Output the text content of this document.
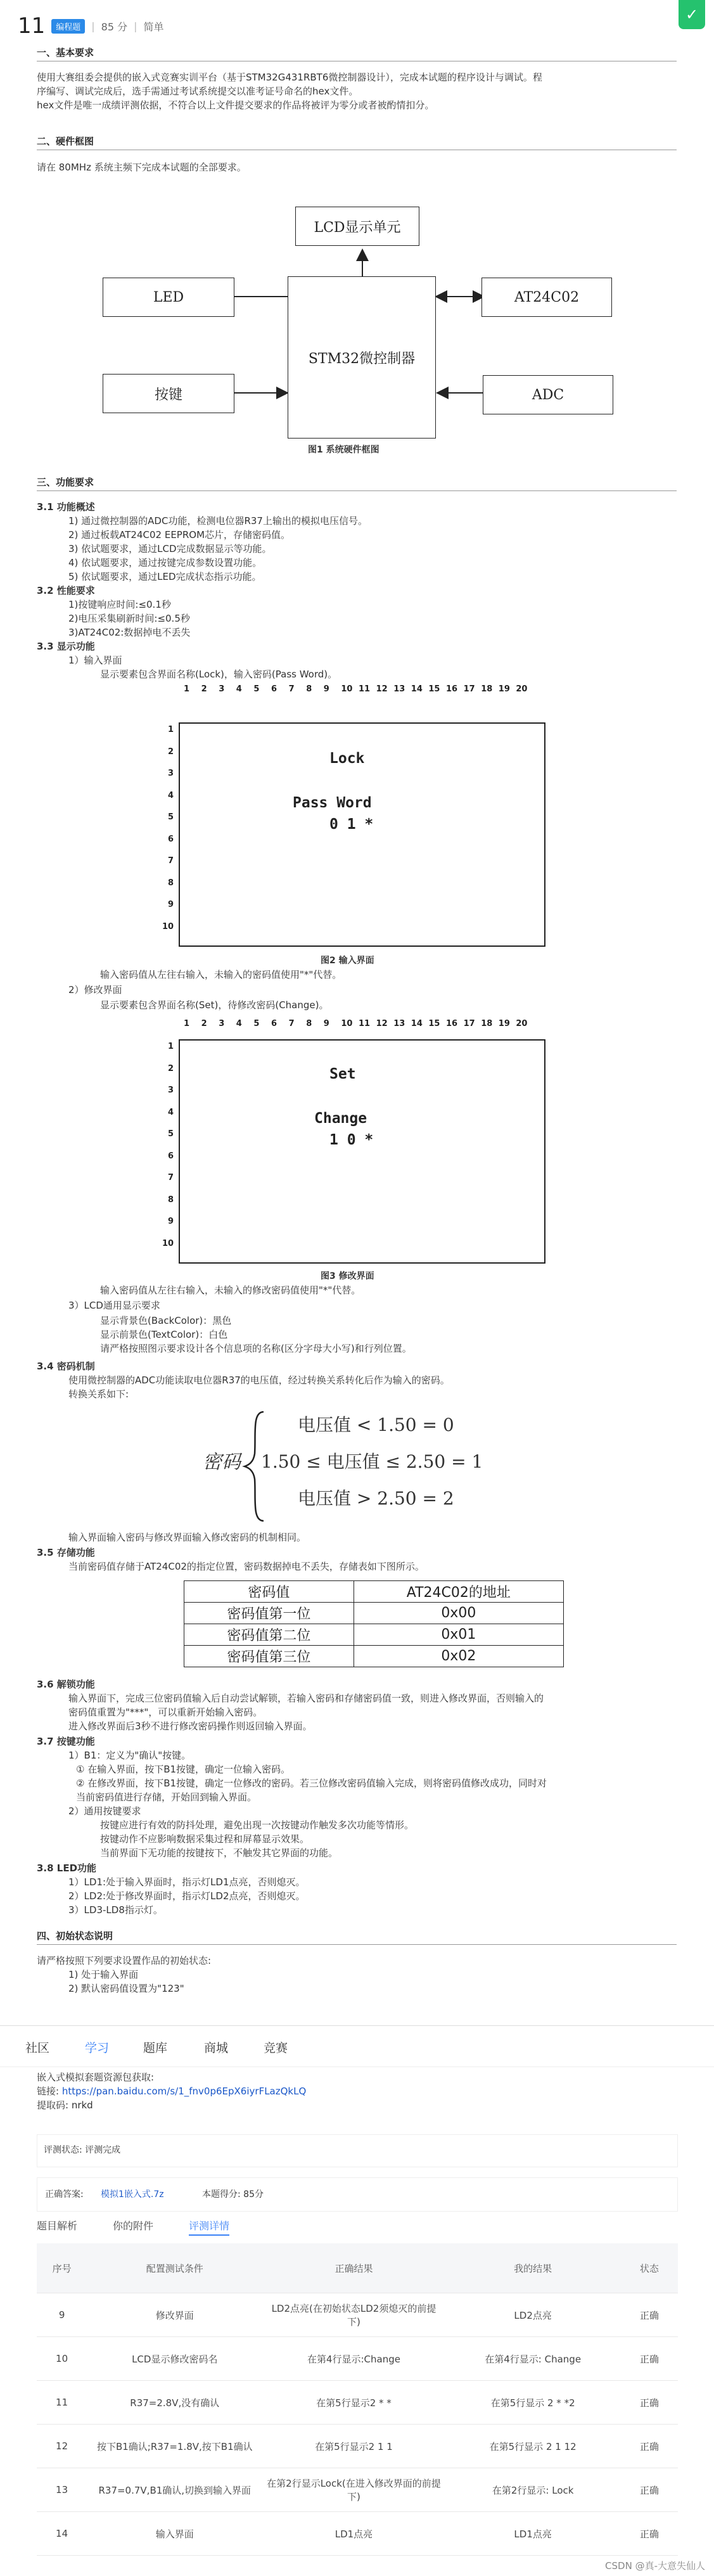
11	编程题	| 85 分 | 简单
✓
一、基本要求
使用大赛组委会提供的嵌入式竞赛实训平台（基于STM32G431RBT6微控制器设计），完成本试题的程序设计与调试。程
序编写、调试完成后，选手需通过考试系统提交以准考证号命名的hex文件。
hex文件是唯一成绩评测依据，不符合以上文件提交要求的作品将被评为零分或者被酌情扣分。
二、硬件框图
请在 80MHz 系统主频下完成本试题的全部要求。
LCD显示单元
LED
STM32微控制器
AT24C02
按键	ADC
图1 系统硬件框图
三、功能要求
3.1 功能概述
1) 通过微控制器的ADC功能，检测电位器R37上输出的模拟电压信号。
2) 通过板载AT24C02 EEPROM芯片，存储密码值。
3) 依试题要求，通过LCD完成数据显示等功能。
4) 依试题要求，通过按键完成参数设置功能。
5) 依试题要求，通过LED完成状态指示功能。
3.2 性能要求
1)按键响应时间:≤0.1秒
2)电压采集刷新时间:≤0.5秒
3)AT24C02:数据掉电不丢失
3.3 显示功能
1）输入界面
显示要素包含界面名称(Lock)，输入密码(Pass Word)。
1 2 3 4 5 6 7 8 9 10 11 12 13 14 15 16 17 18 19 20
1
2
3
4
5
6
7
8
9
10
Lock
Pass Word
0 1 *
图2 输入界面
输入密码值从左往右输入，未输入的密码值使用"*"代替。
2）修改界面
显示要素包含界面名称(Set)，待修改密码(Change)。
1 2 3 4 5 6 7 8 9 10 11 12 13 14 15 16 17 18 19 20
1
2
3
4
5
6
7
8
9
10
Set
Change
1 0 *
图3 修改界面
输入密码值从左往右输入，未输入的修改密码值使用"*"代替。
3）LCD通用显示要求
显示背景色(BackColor)：黑色
显示前景色(TextColor)：白色
请严格按照图示要求设计各个信息项的名称(区分字母大小写)和行列位置。
3.4 密码机制
使用微控制器的ADC功能读取电位器R37的电压值，经过转换关系转化后作为输入的密码。
转换关系如下:
密码
电压值 < 1.50 = 0
1.50 ≤ 电压值 ≤ 2.50 = 1
电压值 > 2.50 = 2
输入界面输入密码与修改界面输入修改密码的机制相同。
3.5 存储功能
当前密码值存储于AT24C02的指定位置，密码数据掉电不丢失，存储表如下图所示。
密码值	AT24C02的地址
密码值第一位	0x00
密码值第二位	0x01
密码值第三位	0x02
3.6 解锁功能
输入界面下，完成三位密码值输入后自动尝试解锁，若输入密码和存储密码值一致，则进入修改界面，否则输入的
密码值重置为"***"，可以重新开始输入密码。
进入修改界面后3秒不进行修改密码操作则返回输入界面。
3.7 按键功能
1）B1：定义为"确认"按键。
① 在输入界面，按下B1按键，确定一位输入密码。
② 在修改界面，按下B1按键，确定一位修改的密码。若三位修改密码值输入完成，则将密码值修改成功，同时对
当前密码值进行存储，开始回到输入界面。
2）通用按键要求
按键应进行有效的防抖处理，避免出现一次按键动作触发多次功能等情形。
按键动作不应影响数据采集过程和屏幕显示效果。
当前界面下无功能的按键按下，不触发其它界面的功能。
3.8 LED功能
1）LD1:处于输入界面时，指示灯LD1点亮，否则熄灭。
2）LD2:处于修改界面时，指示灯LD2点亮，否则熄灭。
3）LD3-LD8指示灯。
四、初始状态说明
请严格按照下列要求设置作品的初始状态:
1) 处于输入界面
2) 默认密码值设置为"123"
社区	学习	题库	商城	竞赛
嵌入式模拟套题资源包获取:
链接: https://pan.baidu.com/s/1_fnv0p6EpX6iyrFLazQkLQ
提取码: nrkd
评测状态: 评测完成
正确答案: 模拟1嵌入式.7z	本题得分: 85分
题目解析	你的附件	评测详情
序号	配置测试条件	正确结果	我的结果	状态
9	修改界面	LD2点亮(在初始状态LD2须熄灭的前提下)	LD2点亮	正确
10	LCD显示修改密码名	在第4行显示:Change	在第4行显示: Change	正确
11	R37=2.8V,没有确认	在第5行显示2 * *	在第5行显示 2 * *2	正确
12	按下B1确认;R37=1.8V,按下B1确认	在第5行显示2 1 1	在第5行显示 2 1 12	正确
13	R37=0.7V,B1确认,切换到输入界面	在第2行显示Lock(在进入修改界面的前提下)	在第2行显示: Lock	正确
14	输入界面	LD1点亮	LD1点亮	正确
CSDN @真-大意失仙人
